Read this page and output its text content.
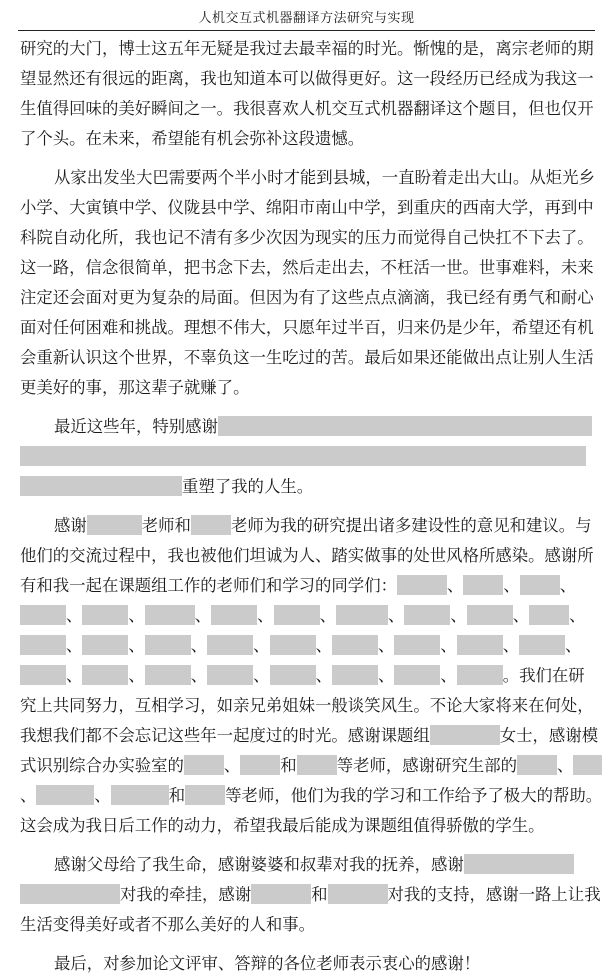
人机交互式机器翻译方法研究与实现
研究的大门，博士这五年无疑是我过去最幸福的时光。惭愧的是，离宗老师的期
望显然还有很远的距离，我也知道本可以做得更好。这一段经历已经成为我这一
生值得回味的美好瞬间之一。我很喜欢人机交互式机器翻译这个题目，但也仅开
了个头。在未来，希望能有机会弥补这段遗憾。
从家出发坐大巴需要两个半小时才能到县城，一直盼着走出大山。从炬光乡
小学、大寅镇中学、仪陇县中学、绵阳市南山中学，到重庆的西南大学，再到中
科院自动化所，我也记不清有多少次因为现实的压力而觉得自己快扛不下去了。
这一路，信念很简单，把书念下去，然后走出去，不枉活一世。世事难料，未来
注定还会面对更为复杂的局面。但因为有了这些点点滴滴，我已经有勇气和耐心
面对任何困难和挑战。理想不伟大，只愿年过半百，归来仍是少年，希望还有机
会重新认识这个世界，不辜负这一生吃过的苦。最后如果还能做出点让别人生活
更美好的事，那这辈子就赚了。
最近这些年，特别感谢
重塑了我的人生。
感谢	老师和 老师为我的研究提出诸多建设性的意见和建议。与
他们的交流过程中，我也被他们坦诚为人、踏实做事的处世风格所感染。感谢所
有和我一起在课题组工作的老师们和学习的同学们：	、 、 、
、	、	、	、	、	、	、	、 、
、	、	、	、	、	、	、	、	、
、	、	、	、	、	、	、	。我们在研
究上共同努力，互相学习，如亲兄弟姐妹一般谈笑风生。不论大家将来在何处，
我想我们都不会忘记这些年一起度过的时光。感谢课题组	女士，感谢模
式识别综合办实验室的 、 和 等老师，感谢研究生部的 、
、	、	和 等老师，他们为我的学习和工作给予了极大的帮助。
这会成为我日后工作的动力，希望我最后能成为课题组值得骄傲的学生。
感谢父母给了我生命，感谢婆婆和叔辈对我的抚养，感谢
对我的牵挂，感谢	和	对我的支持，感谢一路上让我
生活变得美好或者不那么美好的人和事。
最后，对参加论文评审、答辩的各位老师表示衷心的感谢！
